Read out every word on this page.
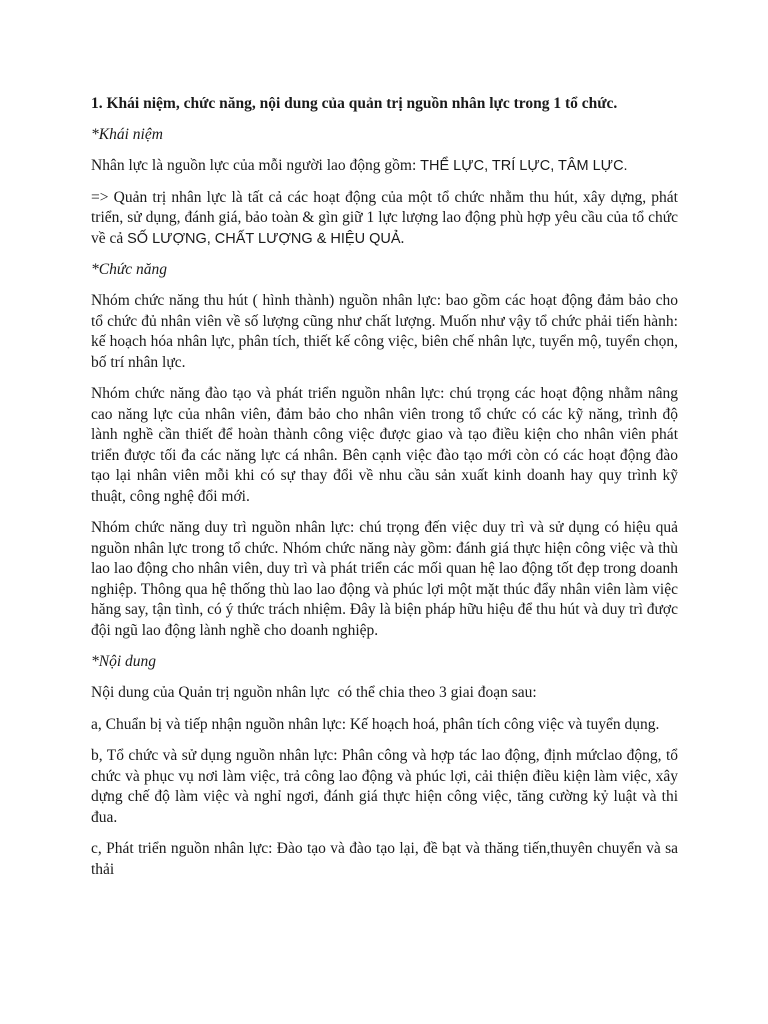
1. Khái niệm, chức năng, nội dung của quản trị nguồn nhân lực trong 1 tổ chức.
*Khái niệm

Nhân lực là nguồn lực của mỗi người lao động gồm: THỂ LỰC, TRÍ LỰC, TÂM LỰC.

=> Quản trị nhân lực là tất cả các hoạt động của một tổ chức nhằm thu hút, xây dựng, phát triển, sử dụng, đánh giá, bảo toàn & gìn giữ 1 lực lượng lao động phù hợp yêu cầu của tổ chức về cả SỐ LƯỢNG, CHẤT LƯỢNG & HIỆU QUẢ.

*Chức năng

Nhóm chức năng thu hút ( hình thành) nguồn nhân lực: bao gồm các hoạt động đảm bảo cho tổ chức đủ nhân viên về số lượng cũng như chất lượng. Muốn như vậy tổ chức phải tiến hành: kế hoạch hóa nhân lực, phân tích, thiết kế công việc, biên chế nhân lực, tuyển mộ, tuyển chọn, bố trí nhân lực.

Nhóm chức năng đào tạo và phát triển nguồn nhân lực: chú trọng các hoạt động nhằm nâng cao năng lực của nhân viên, đảm bảo cho nhân viên trong tổ chức có các kỹ năng, trình độ lành nghề cần thiết để hoàn thành công việc được giao và tạo điều kiện cho nhân viên phát triển được tối đa các năng lực cá nhân. Bên cạnh việc đào tạo mới còn có các hoạt động đào tạo lại nhân viên mỗi khi có sự thay đổi về nhu cầu sản xuất kinh doanh hay quy trình kỹ thuật, công nghệ đổi mới.

Nhóm chức năng duy trì nguồn nhân lực: chú trọng đến việc duy trì và sử dụng có hiệu quả nguồn nhân lực trong tổ chức. Nhóm chức năng này gồm: đánh giá thực hiện công việc và thù lao lao động cho nhân viên, duy trì và phát triển các mối quan hệ lao động tốt đẹp trong doanh nghiệp. Thông qua hệ thống thù lao lao động và phúc lợi một mặt thúc đẩy nhân viên làm việc hăng say, tận tình, có ý thức trách nhiệm. Đây là biện pháp hữu hiệu để thu hút và duy trì được đội ngũ lao động lành nghề cho doanh nghiệp.

*Nội dung

Nội dung của Quản trị nguồn nhân lực  có thể chia theo 3 giai đoạn sau:

a, Chuẩn bị và tiếp nhận nguồn nhân lực: Kế hoạch hoá, phân tích công việc và tuyển dụng.

b, Tổ chức và sử dụng nguồn nhân lực: Phân công và hợp tác lao động, định mứclao động, tổ chức và phục vụ nơi làm việc, trả công lao động và phúc lợi, cải thiện điều kiện làm việc, xây dựng chế độ làm việc và nghỉ ngơi, đánh giá thực hiện công việc, tăng cường kỷ luật và thi đua.

c, Phát triển nguồn nhân lực: Đào tạo và đào tạo lại, đề bạt và thăng tiến,thuyên chuyển và sa thải
